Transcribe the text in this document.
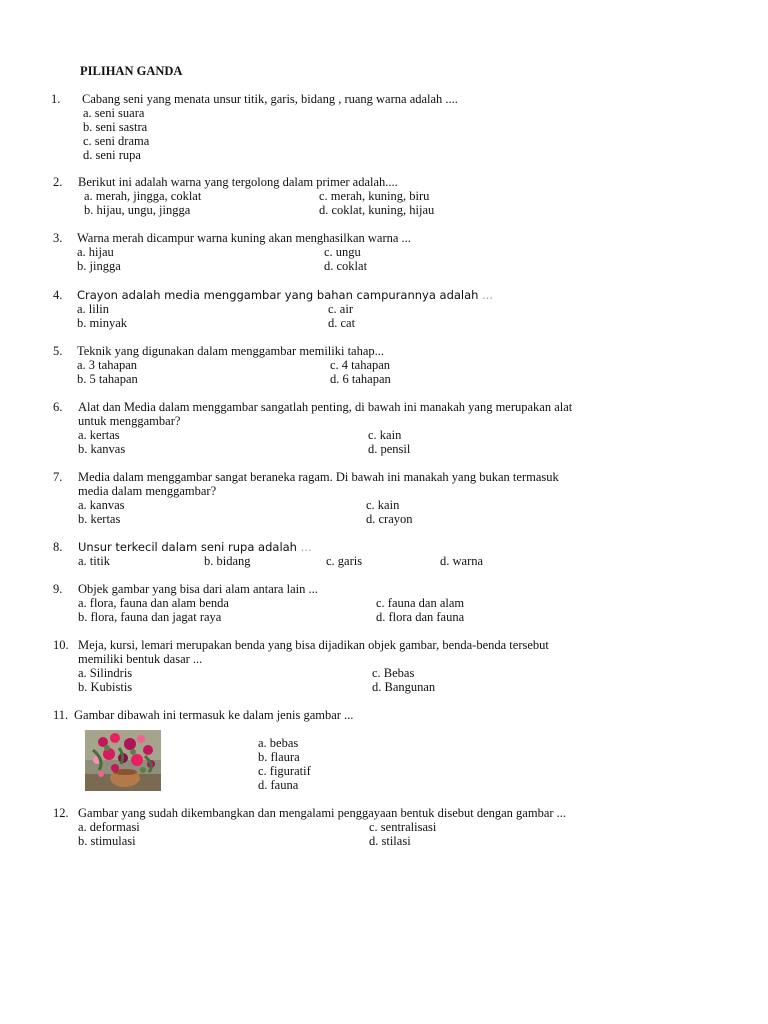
PILIHAN GANDA
1. Cabang seni yang menata unsur titik, garis, bidang , ruang warna adalah ....
a. seni suara
b. seni sastra
c. seni drama
d. seni rupa
2. Berikut ini adalah warna yang tergolong dalam primer adalah....
a. merah, jingga, coklat	c. merah, kuning, biru
b. hijau, ungu, jingga	d. coklat, kuning, hijau
3. Warna merah dicampur warna kuning akan menghasilkan warna ...
a. hijau	c. ungu
b. jingga	d. coklat
4. Crayon adalah media menggambar yang bahan campurannya adalah ...
a. lilin	c. air
b. minyak	d. cat
5. Teknik yang digunakan dalam menggambar memiliki tahap...
a. 3 tahapan	c. 4 tahapan
b. 5 tahapan	d. 6 tahapan
6. Alat dan Media dalam menggambar sangatlah penting, di bawah ini manakah yang merupakan alat
untuk menggambar?
a. kertas	c. kain
b. kanvas	d. pensil
7. Media dalam menggambar sangat beraneka ragam. Di bawah ini manakah yang bukan termasuk
media dalam menggambar?
a. kanvas	c. kain
b. kertas	d. crayon
8. Unsur terkecil dalam seni rupa adalah ...
a. titik	b. bidang	c. garis	d. warna
9. Objek gambar yang bisa dari alam antara lain ...
a. flora, fauna dan alam benda	c. fauna dan alam
b. flora, fauna dan jagat raya	d. flora dan fauna
10. Meja, kursi, lemari merupakan benda yang bisa dijadikan objek gambar, benda-benda tersebut
memiliki bentuk dasar ...
a. Silindris	c. Bebas
b. Kubistis	d. Bangunan
11. Gambar dibawah ini termasuk ke dalam jenis gambar ...
a. bebas
b. flaura
c. figuratif
d. fauna
12. Gambar yang sudah dikembangkan dan mengalami penggayaan bentuk disebut dengan gambar ...
a. deformasi	c. sentralisasi
b. stimulasi	d. stilasi
